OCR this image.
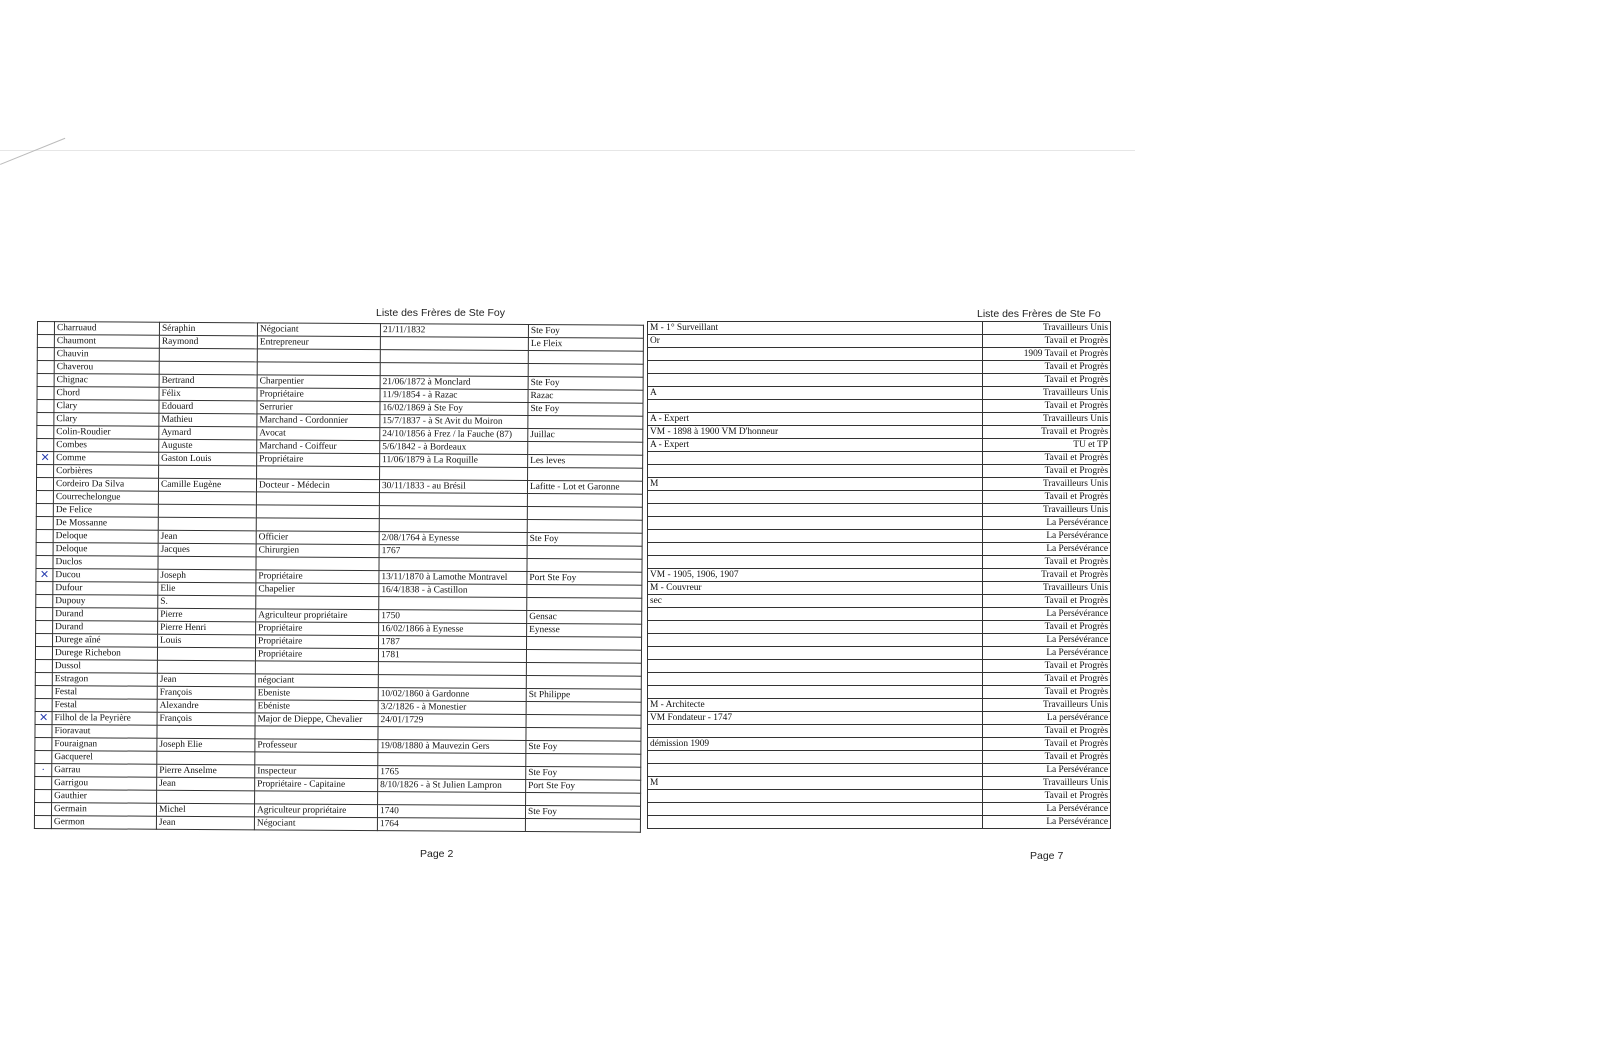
Liste des Frères de Ste Foy	Liste des Frères de Ste Fo
	Charruaud	Séraphin	Négociant	21/11/1832	Ste Foy
	Chaumont	Raymond	Entrepreneur		Le Fleix
	Chauvin				
	Chaverou				
	Chignac	Bertrand	Charpentier	21/06/1872 à Monclard	Ste Foy
	Chord	Félix	Propriétaire	11/9/1854 - à Razac	Razac
	Clary	Edouard	Serrurier	16/02/1869 à Ste Foy	Ste Foy
	Clary	Mathieu	Marchand - Cordonnier	15/7/1837 - à St Avit du Moiron	
	Colin-Roudier	Aymard	Avocat	24/10/1856 à Frez / la Fauche (87)	Juillac
	Combes	Auguste	Marchand - Coiffeur	5/6/1842 - à Bordeaux	
✕	Comme	Gaston Louis	Propriétaire	11/06/1879 à La Roquille	Les leves
	Corbières				
	Cordeiro Da Silva	Camille Eugène	Docteur - Médecin	30/11/1833 - au Brésil	Lafitte - Lot et Garonne
	Courrechelongue				
	De Felice				
	De Mossanne				
	Deloque	Jean	Officier	2/08/1764 à Eynesse	Ste Foy
	Deloque	Jacques	Chirurgien	1767	
	Duclos				
✕	Ducou	Joseph	Propriétaire	13/11/1870 à Lamothe Montravel	Port Ste Foy
	Dufour	Elie	Chapelier	16/4/1838 - à Castillon	
	Dupouy	S.			
	Durand	Pierre	Agriculteur propriétaire	1750	Gensac
	Durand	Pierre Henri	Propriétaire	16/02/1866 à Eynesse	Eynesse
	Durege aîné	Louis	Propriétaire	1787	
	Durege Richebon		Propriétaire	1781	
	Dussol				
	Estragon	Jean	négociant		
	Festal	François	Ebeniste	10/02/1860 à Gardonne	St Philippe
	Festal	Alexandre	Ebéniste	3/2/1826 - à Monestier	
✕	Filhol de la Peyrière	François	Major de Dieppe, Chevalier	24/01/1729	
	Fioravaut				
	Fouraignan	Joseph Elie	Professeur	19/08/1880 à Mauvezin Gers	Ste Foy
	Gacquerel				
·	Garrau	Pierre Anselme	Inspecteur	1765	Ste Foy
	Garrigou	Jean	Propriétaire - Capitaine	8/10/1826 - à St Julien Lampron	Port Ste Foy
	Gauthier				
	Germain	Michel	Agriculteur propriétaire	1740	Ste Foy
	Germon	Jean	Négociant	1764	
M - 1° Surveillant	Travailleurs Unis
Or	Tavail et Progrès
	1909 Tavail et Progrès
	Tavail et Progrès
	Tavail et Progrès
A	Travailleurs Unis
	Tavail et Progrès
A - Expert	Travailleurs Unis
VM - 1898 à 1900 VM D'honneur	Travail et Progrès
A - Expert	TU et TP
	Tavail et Progrès
	Tavail et Progrès
M	Travailleurs Unis
	Tavail et Progrès
	Travailleurs Unis
	La Persévérance
	La Persévérance
	La Persévérance
	Tavail et Progrès
VM - 1905, 1906, 1907	Travail et Progrès
M - Couvreur	Travailleurs Unis
sec	Tavail et Progrès
	La Persévérance
	Tavail et Progrès
	La Persévérance
	La Persévérance
	Tavail et Progrès
	Tavail et Progrès
	Tavail et Progrès
M - Architecte	Travailleurs Unis
VM Fondateur - 1747	La persévérance
	Tavail et Progrès
démission 1909	Tavail et Progrès
	Tavail et Progrès
	La Persévérance
M	Travailleurs Unis
	Tavail et Progrès
	La Persévérance
	La Persévérance
Page 2	Page 7
